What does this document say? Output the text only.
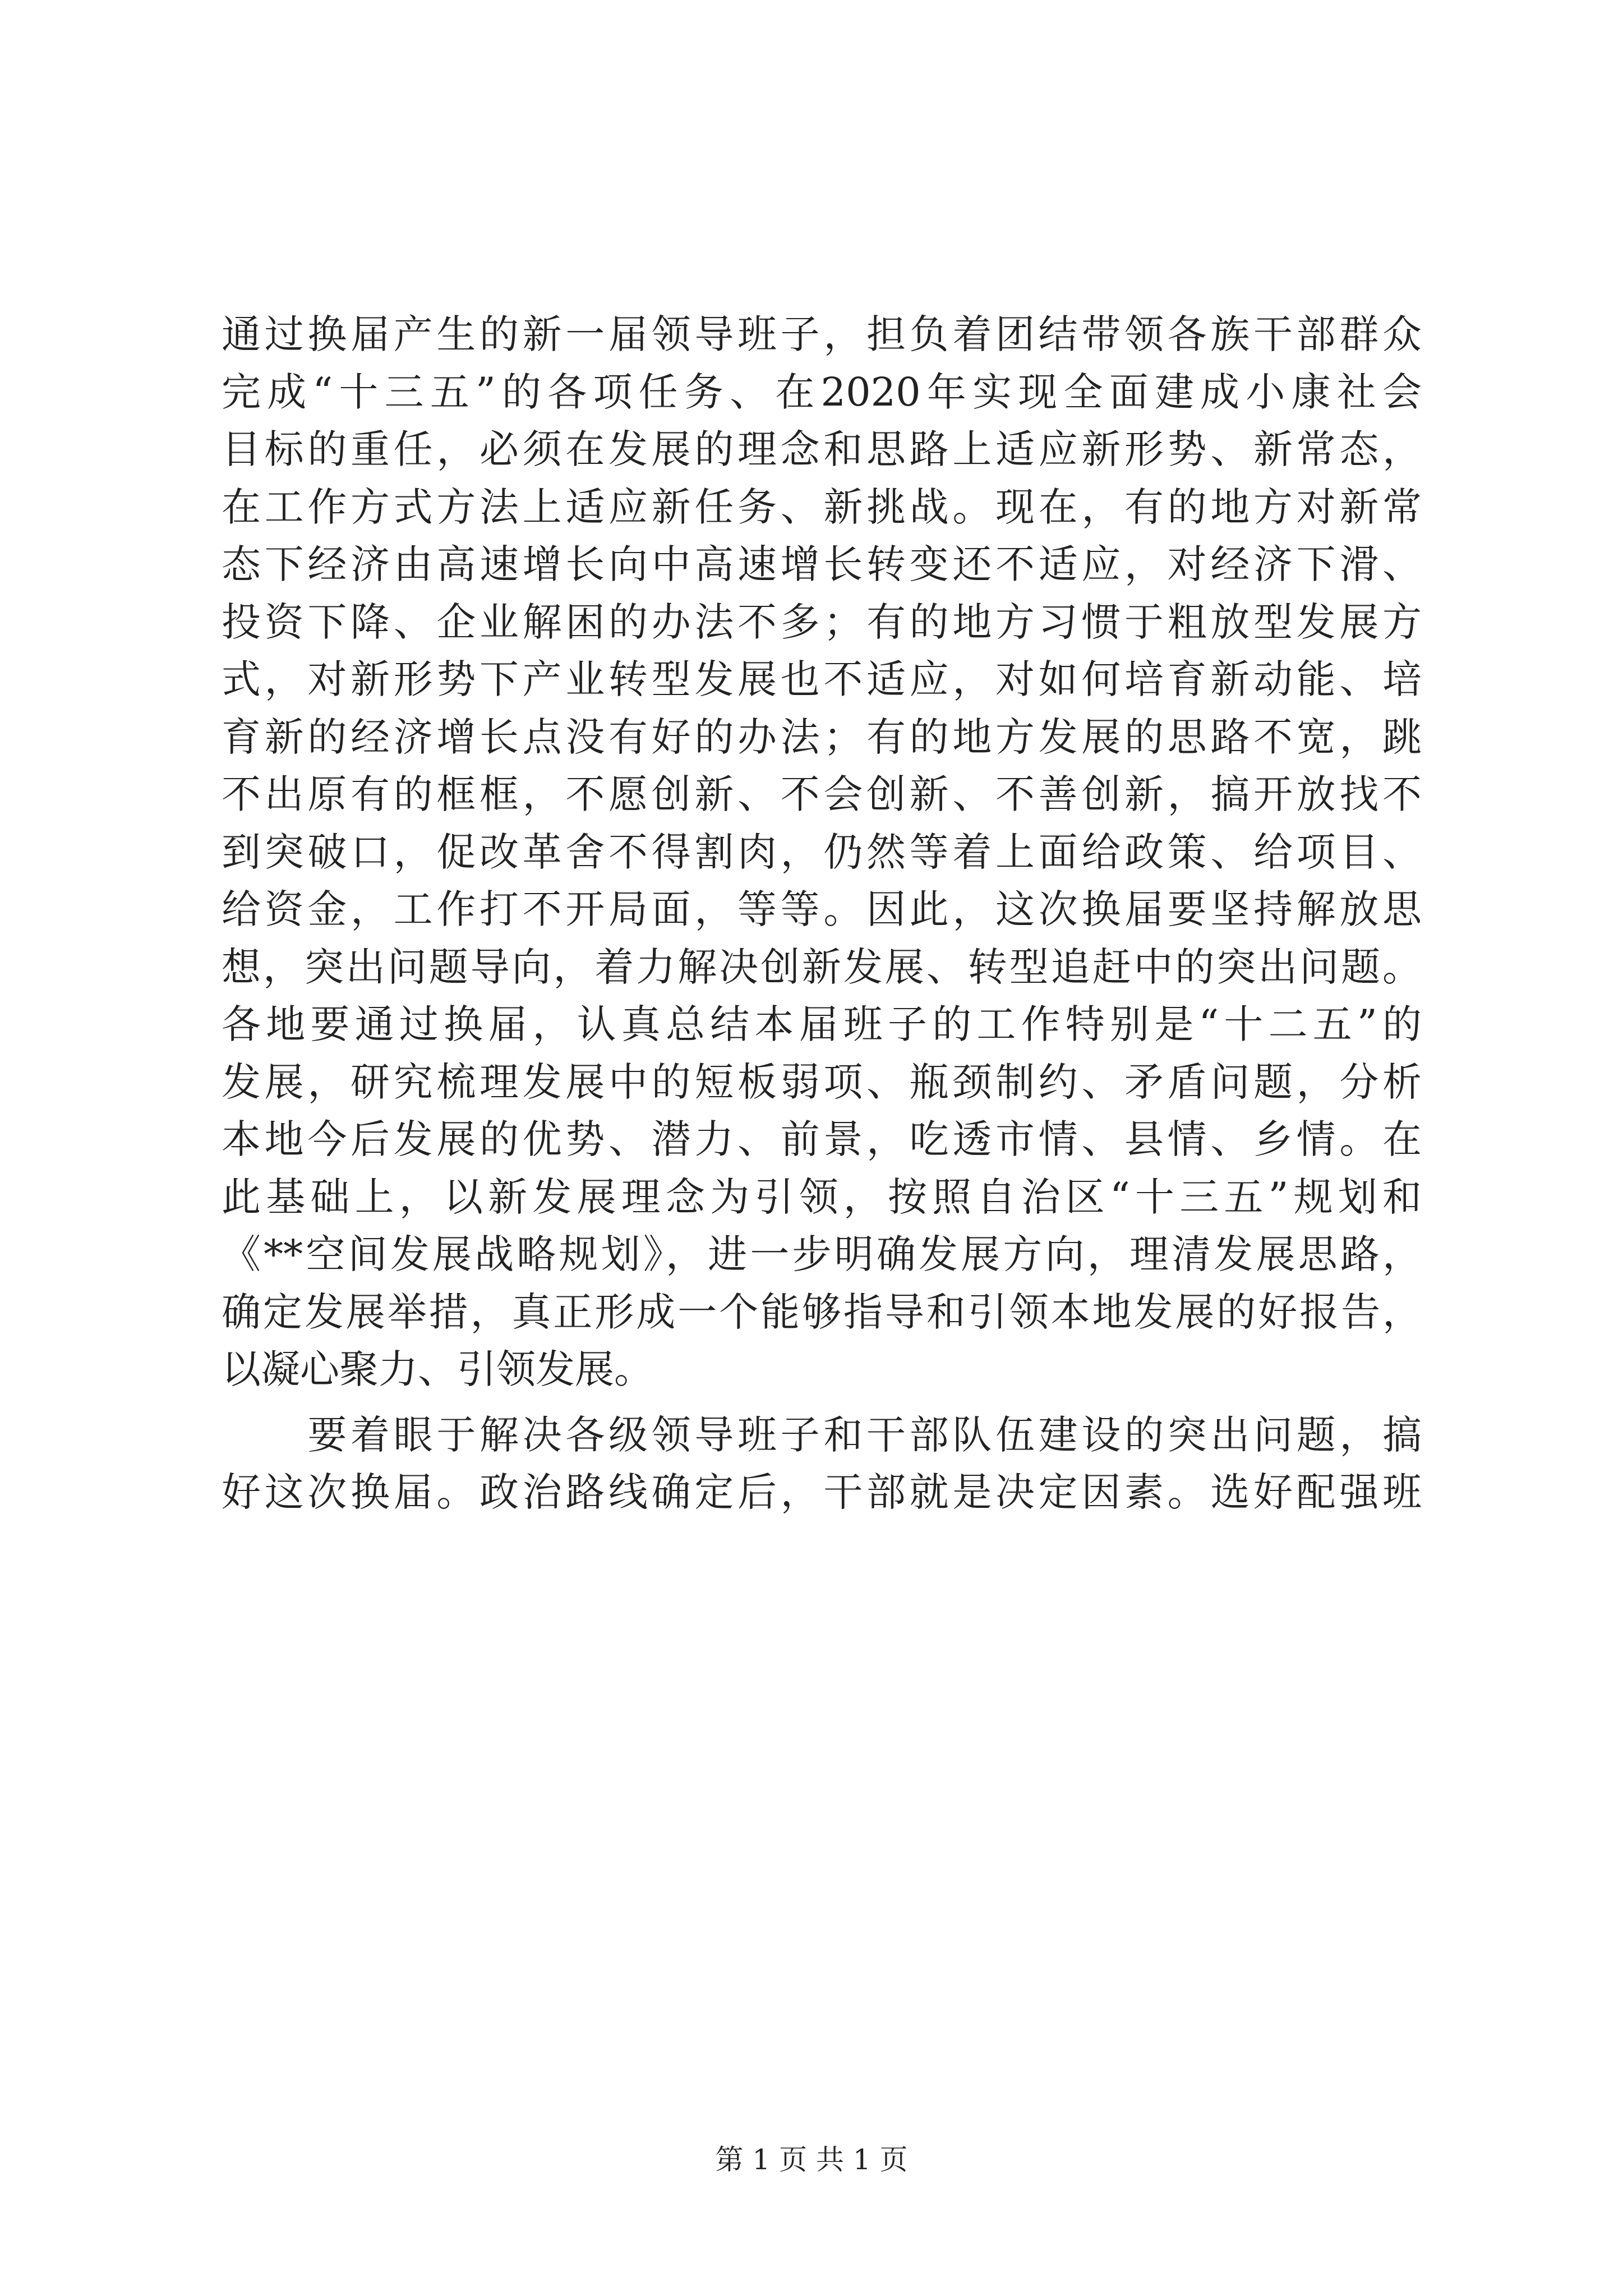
通过换届产生的新一届领导班子，担负着团结带领各族干部群众
完成“十三五”的各项任务、在2020年实现全面建成小康社会
目标的重任，必须在发展的理念和思路上适应新形势、新常态，
在工作方式方法上适应新任务、新挑战。现在，有的地方对新常
态下经济由高速增长向中高速增长转变还不适应，对经济下滑、
投资下降、企业解困的办法不多；有的地方习惯于粗放型发展方
式，对新形势下产业转型发展也不适应，对如何培育新动能、培
育新的经济增长点没有好的办法；有的地方发展的思路不宽，跳
不出原有的框框，不愿创新、不会创新、不善创新，搞开放找不
到突破口，促改革舍不得割肉，仍然等着上面给政策、给项目、
给资金，工作打不开局面，等等。因此，这次换届要坚持解放思
想，突出问题导向，着力解决创新发展、转型追赶中的突出问题。
各地要通过换届，认真总结本届班子的工作特别是“十二五”的
发展，研究梳理发展中的短板弱项、瓶颈制约、矛盾问题，分析
本地今后发展的优势、潜力、前景，吃透市情、县情、乡情。在
此基础上，以新发展理念为引领，按照自治区“十三五”规划和
《**空间发展战略规划》，进一步明确发展方向，理清发展思路，
确定发展举措，真正形成一个能够指导和引领本地发展的好报告，
以凝心聚力、引领发展。
　　要着眼于解决各级领导班子和干部队伍建设的突出问题，搞
好这次换届。政治路线确定后，干部就是决定因素。选好配强班
第 1 页 共 1 页
